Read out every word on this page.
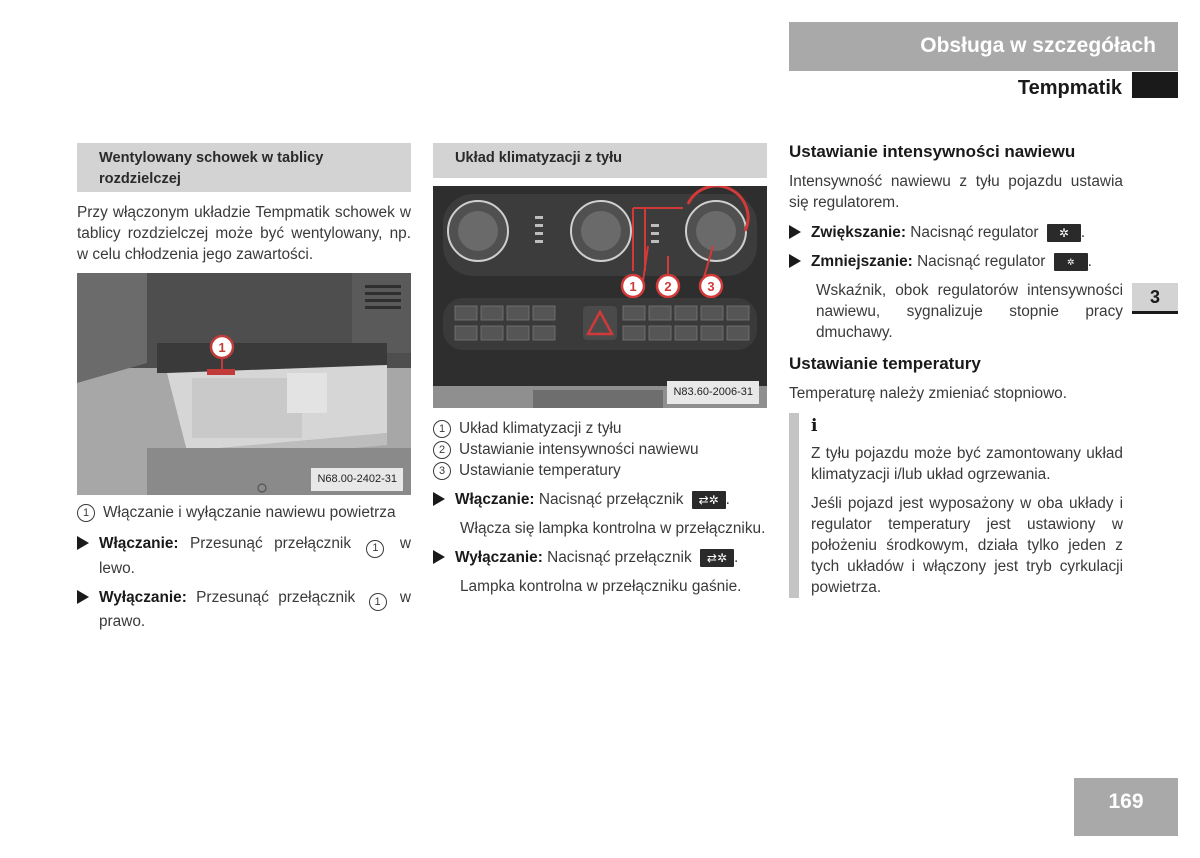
Obsługa w szczegółach
Tempmatik
Wentylowany schowek w tablicy rozdzielczej
Przy włączonym układzie Tempmatik schowek w tablicy rozdzielczej może być wentylowany, np. w celu chłodzenia jego zawartości.
1
N68.00-2402-31
1 Włączanie i wyłączanie nawiewu powietrza
Włączanie: Przesunąć przełącznik 1 w lewo.
Wyłączanie: Przesunąć przełącznik 1 w prawo.
Układ klimatyzacji z tyłu
1 2	3
N83.60-2006-31
1 Układ klimatyzacji z tyłu
2 Ustawianie intensywności nawiewu
3 Ustawianie temperatury
Włączanie: Nacisnąć przełącznik ⇄✲ .
Włącza się lampka kontrolna w przełączniku.
Wyłączanie: Nacisnąć przełącznik ⇄✲ .
Lampka kontrolna w przełączniku gaśnie.
Ustawianie intensywności nawiewu
Intensywność nawiewu z tyłu pojazdu ustawia się regulatorem.
Zwiększanie: Nacisnąć regulator ✲ .
Zmniejszanie: Nacisnąć regulator ✲ .
Wskaźnik, obok regulatorów intensywności nawiewu, sygnalizuje stopnie pracy dmuchawy.
Ustawianie temperatury
Temperaturę należy zmieniać stopniowo.
i
Z tyłu pojazdu może być zamontowany układ klimatyzacji i/lub układ ogrzewania.
Jeśli pojazd jest wyposażony w oba układy i regulator temperatury jest ustawiony w położeniu środkowym, działa tylko jeden z tych układów i włączony jest tryb cyrkulacji powietrza.
3
169
